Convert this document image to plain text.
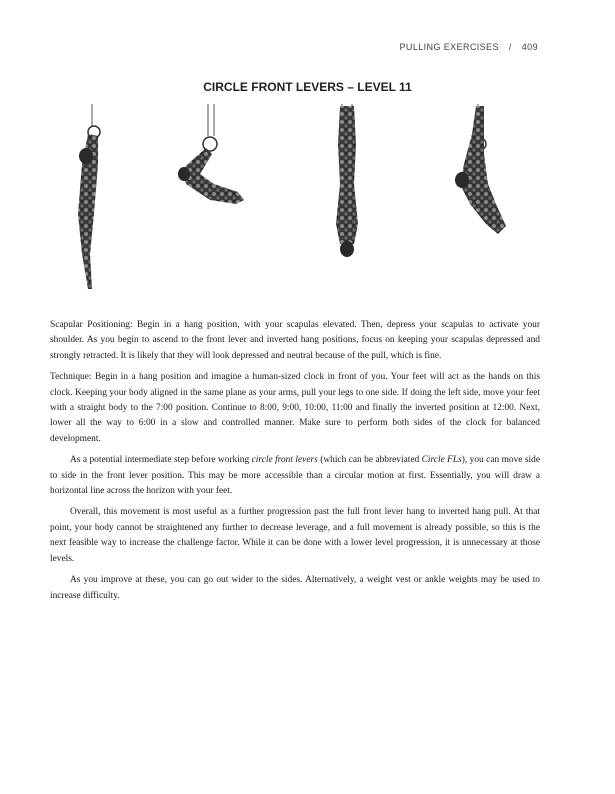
PULLING EXERCISES / 409
CIRCLE FRONT LEVERS – LEVEL 11

Scapular Positioning: Begin in a hang position, with your scapulas elevated. Then, depress your scapulas to activate your shoulder. As you begin to ascend to the front lever and inverted hang positions, focus on keeping your scapulas depressed and strongly retracted. It is likely that they will look depressed and neutral because of the pull, which is fine.

Technique: Begin in a hang position and imagine a human-sized clock in front of you. Your feet will act as the hands on this clock. Keeping your body aligned in the same plane as your arms, pull your legs to one side. If doing the left side, move your feet with a straight body to the 7:00 position. Continue to 8:00, 9:00, 10:00, 11:00 and finally the inverted position at 12:00. Next, lower all the way to 6:00 in a slow and controlled manner. Make sure to perform both sides of the clock for balanced development.

As a potential intermediate step before working circle front levers (which can be abbreviated Circle FLs), you can move side to side in the front lever position. This may be more accessible than a circular motion at first. Essentially, you will draw a horizontal line across the horizon with your feet.

Overall, this movement is most useful as a further progression past the full front lever hang to inverted hang pull. At that point, your body cannot be straightened any further to decrease leverage, and a full movement is already possible, so this is the next feasible way to increase the challenge factor. While it can be done with a lower level progression, it is unnecessary at those levels.

As you improve at these, you can go out wider to the sides. Alternatively, a weight vest or ankle weights may be used to increase difficulty.
